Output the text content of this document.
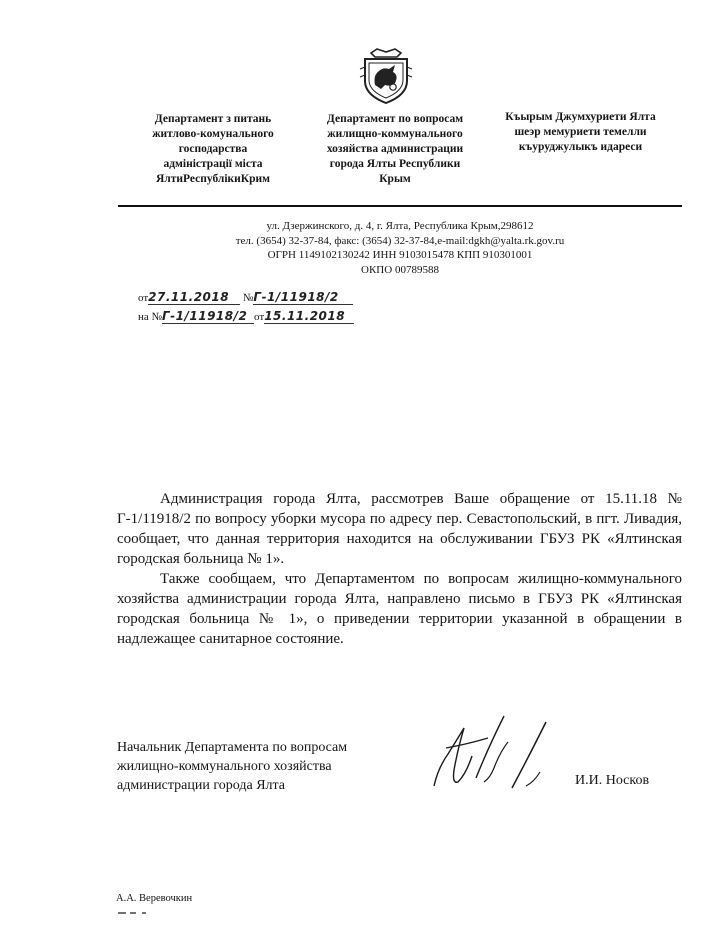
Департамент з питань
житлово-комунального
господарства
адміністрації міста
ЯлтиРеспублікиКрим
Департамент по вопросам
жилищно-коммунального
хозяйства администрации
города Ялты Республики
Крым
Къырым Джумхуриети Ялта
шеэр мемуриети темелли
къуруджулыкъ идареси
ул. Дзержинского, д. 4, г. Ялта, Республика Крым,298612
тел. (3654) 32-37-84, факс: (3654) 32-37-84,e-mail:dgkh@yalta.rk.gov.ru
ОГРН 1149102130242 ИНН 9103015478 КПП 910301001
ОКПО 00789588
от27.11.2018 №Г-1/11918/2
на №Г-1/11918/2 от15.11.2018

Администрация города Ялта, рассмотрев Ваше обращение от 15.11.18 № Г-1/11918/2 по вопросу уборки мусора по адресу пер. Севастопольский, в пгт. Ливадия, сообщает, что данная территория находится на обслуживании ГБУЗ РК «Ялтинская городская больница № 1».

Также сообщаем, что Департаментом по вопросам жилищно-коммунального хозяйства администрации города Ялта, направлено письмо в ГБУЗ РК «Ялтинская городская больница № 1», о приведении территории указанной в обращении в надлежащее санитарное состояние.

Начальник Департамента по вопросам
жилищно-коммунального хозяйства
администрации города Ялта	И.И. Носков
А.А. Веревочкин
